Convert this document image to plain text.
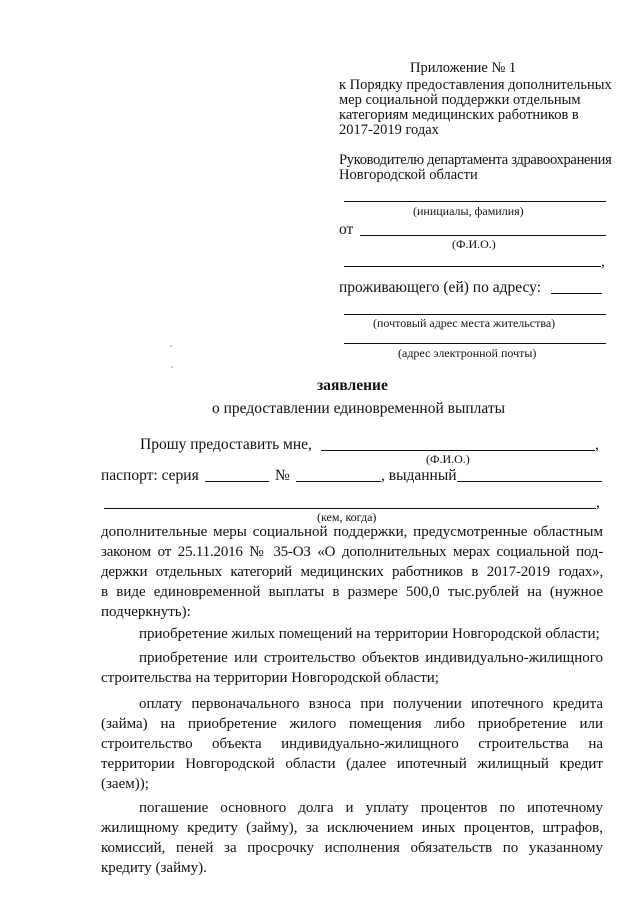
Приложение № 1
к Порядку предоставления дополнительных
мер социальной поддержки отдельным
категориям медицинских работников в
2017-2019 годах
Руководителю департамента здравоохранения
Новгородской области
(инициалы, фамилия)
от
(Ф.И.О.)
,
проживающего (ей) по адресу:
(почтовый адрес места жительства)
(адрес электронной почты)
заявление
о предоставлении единовременной выплаты
Прошу предоставить мне,	,
(Ф.И.О.)
паспорт: серия	№	, выданный
,
(кем, когда)
дополнительные меры социальной поддержки, предусмотренные областным
законом от 25.11.2016 № 35-ОЗ «О дополнительных мерах социальной под-
держки отдельных категорий медицинских работников в 2017-2019 годах»,
в виде единовременной выплаты в размере 500,0 тыс.рублей на (нужное
подчеркнуть):
приобретение жилых помещений на территории Новгородской области;
приобретение или строительство объектов индивидуально-жилищного
строительства на территории Новгородской области;
оплату первоначального взноса при получении ипотечного кредита
(займа) на приобретение жилого помещения либо приобретение или
строительство объекта индивидуально-жилищного строительства на
территории Новгородской области (далее ипотечный жилищный кредит
(заем));
погашение основного долга и уплату процентов по ипотечному
жилищному кредиту (займу), за исключением иных процентов, штрафов,
комиссий, пеней за просрочку исполнения обязательств по указанному
кредиту (займу).
